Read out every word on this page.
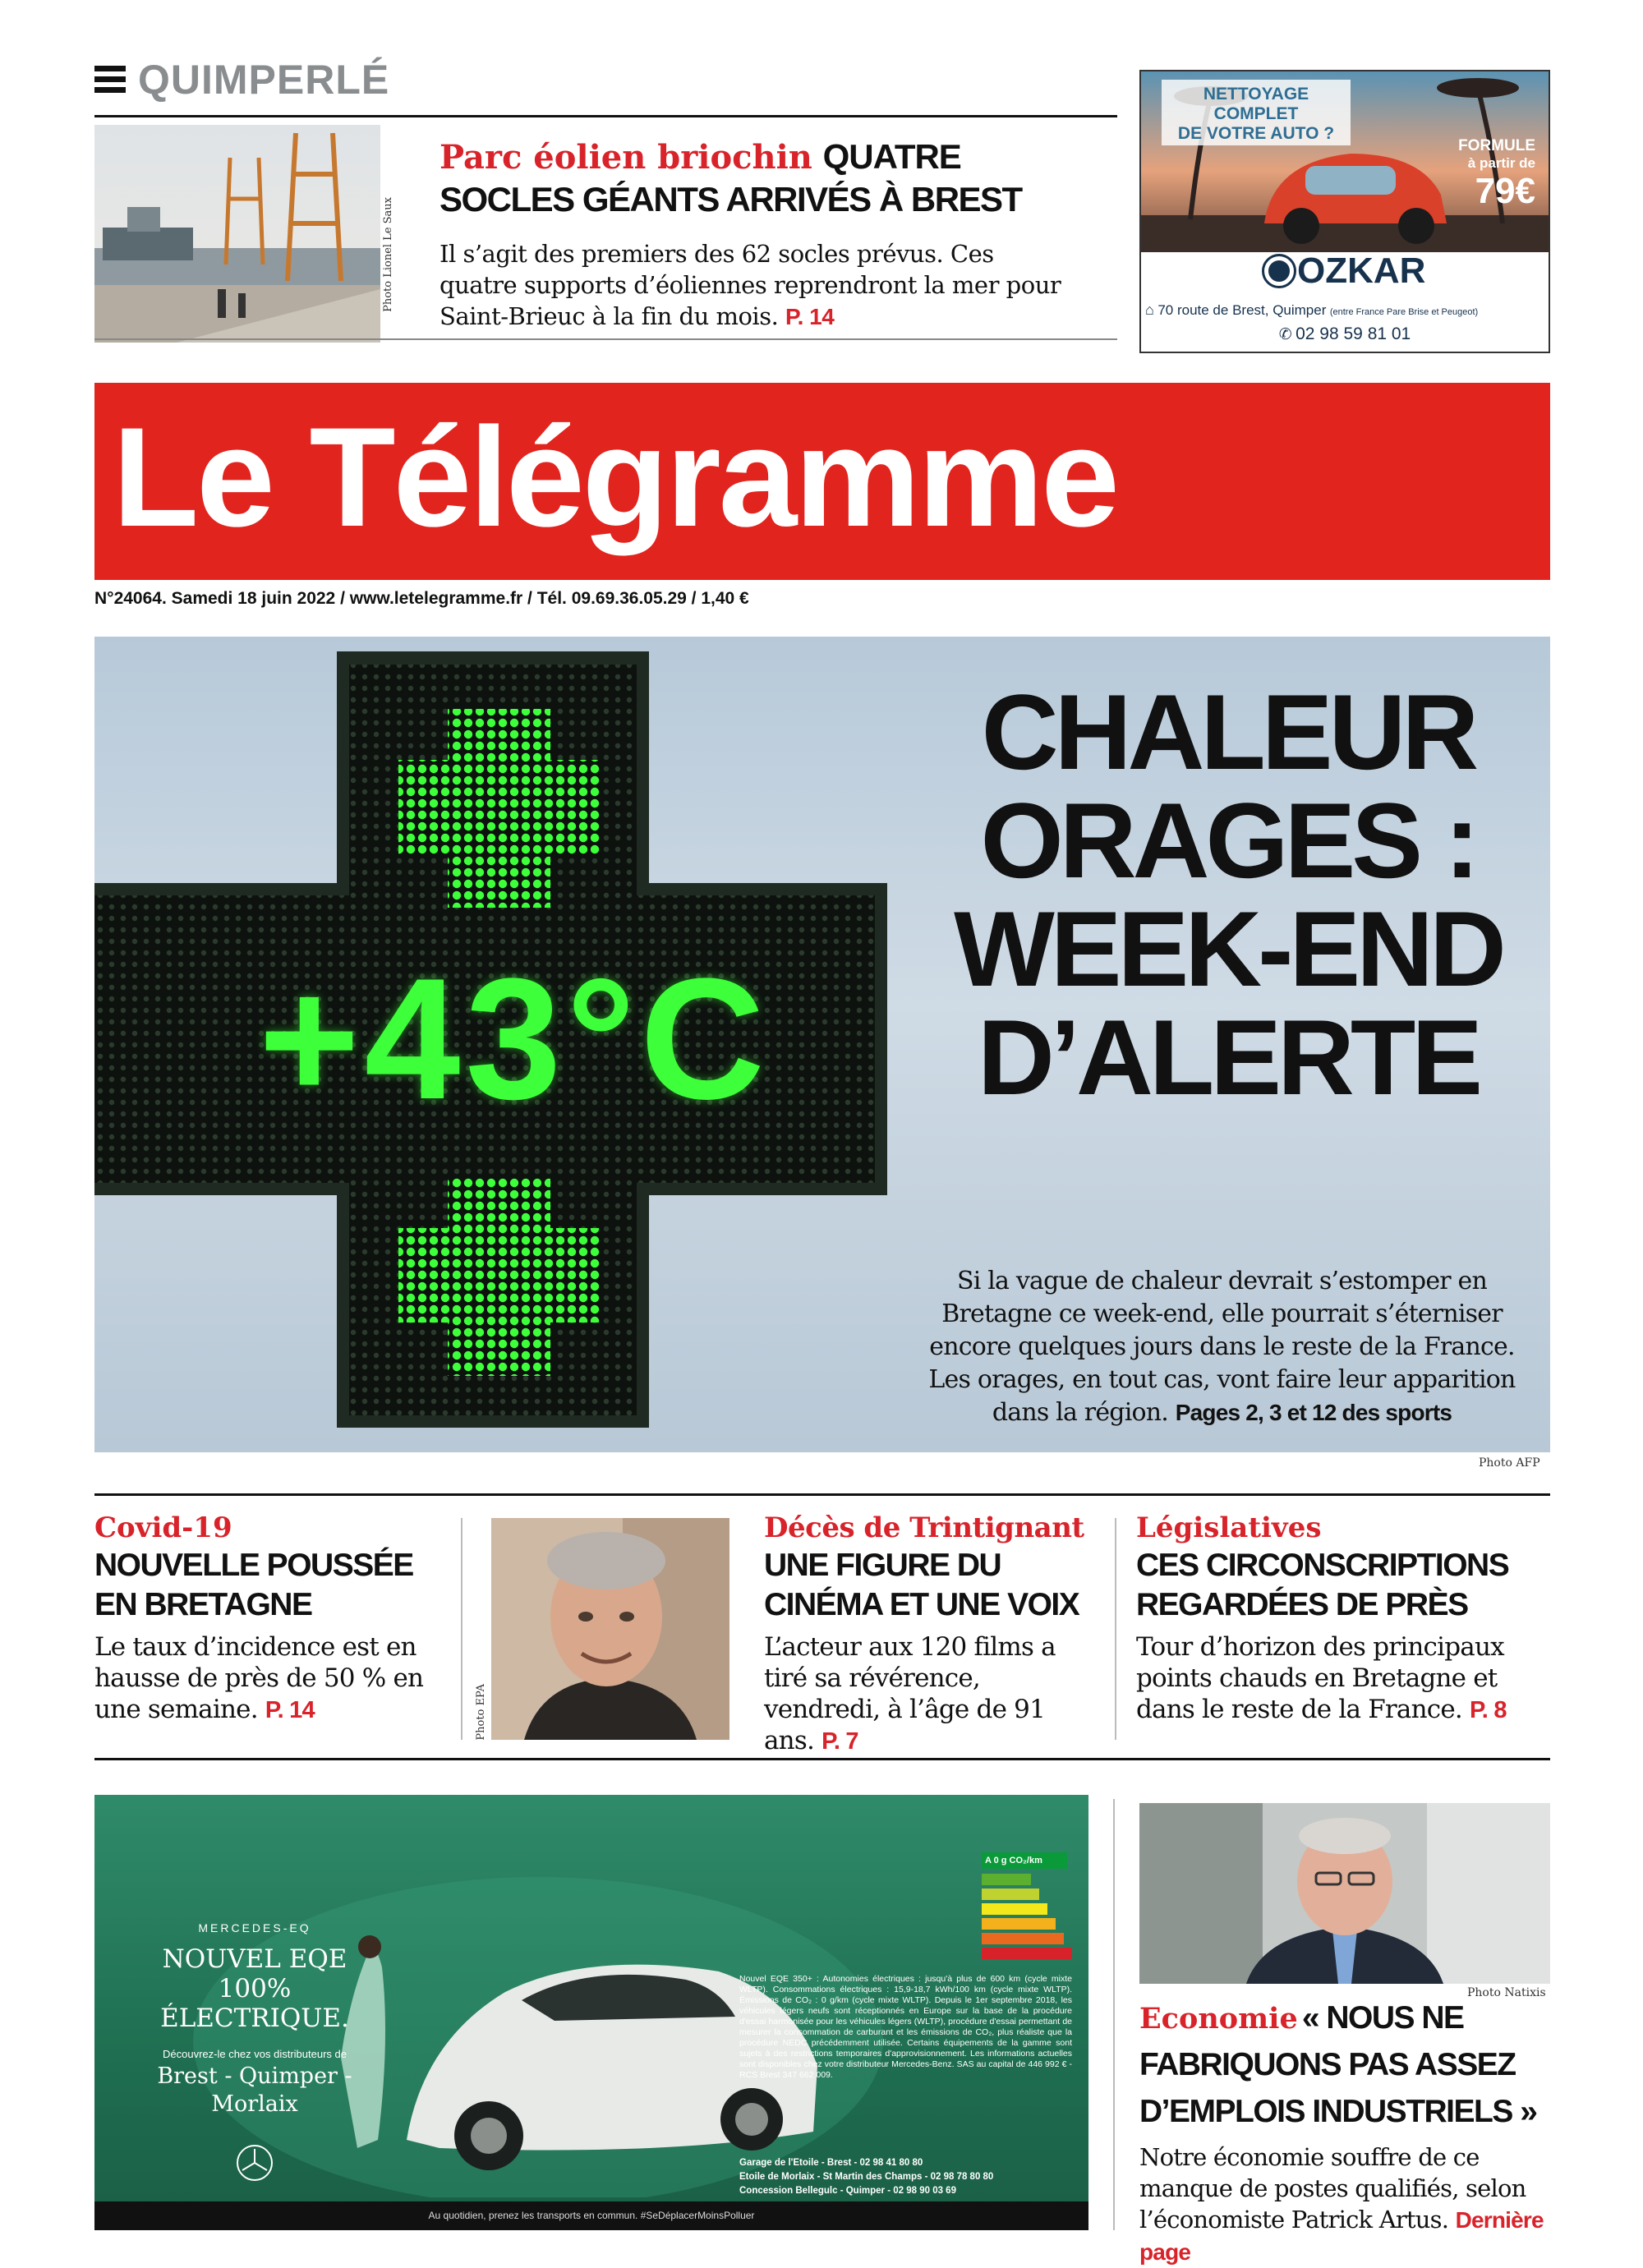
QUIMPERLÉ
Photo Lionel Le Saux
Parc éolien briochin QUATRE
SOCLES GÉANTS ARRIVÉS À BREST
Il s’agit des premiers des 62 socles prévus. Ces quatre supports d’éoliennes reprendront la mer pour Saint-Brieuc à la fin du mois. P. 14
NETTOYAGE
COMPLET
DE VOTRE AUTO ?
FORMULE
à partir de
79€
OZKAR
⌂ 70 route de Brest, Quimper (entre France Pare Brise et Peugeot)
✆ 02 98 59 81 01
Le Télégramme
N°24064. Samedi 18 juin 2022 / www.letelegramme.fr / Tél. 09.69.36.05.29 / 1,40 €
+43°C
CHALEUR
ORAGES :
WEEK-END
D’ALERTE
Si la vague de chaleur devrait s’estomper en
Bretagne ce week-end, elle pourrait s’éterniser
encore quelques jours dans le reste de la France.
Les orages, en tout cas, vont faire leur apparition
dans la région. Pages 2, 3 et 12 des sports
Photo AFP
Covid-19
NOUVELLE POUSSÉE EN BRETAGNE
Le taux d’incidence est en hausse de près de 50 % en une semaine. P. 14	Photo EPA
Décès de Trintignant
UNE FIGURE DU CINÉMA ET UNE VOIX
L’acteur aux 120 films a tiré sa révérence, vendredi, à l’âge de 91 ans. P. 7
Législatives
CES CIRCONSCRIPTIONS REGARDÉES DE PRÈS
Tour d’horizon des principaux points chauds en Bretagne et dans le reste de la France. P. 8
MERCEDES-EQ
NOUVEL EQE
100% ÉLECTRIQUE.
Découvrez-le chez vos distributeurs de
Brest - Quimper - Morlaix
A 0 g CO₂/km
Nouvel EQE 350+ : Autonomies électriques : jusqu'à plus de 600 km (cycle mixte WLTP). Consommations électriques : 15,9-18,7 kWh/100 km (cycle mixte WLTP). Émissions de CO₂ : 0 g/km (cycle mixte WLTP). Depuis le 1er septembre 2018, les véhicules légers neufs sont réceptionnés en Europe sur la base de la procédure d'essai harmonisée pour les véhicules légers (WLTP), procédure d'essai permettant de mesurer la consommation de carburant et les émissions de CO₂, plus réaliste que la procédure NEDC précédemment utilisée. Certains équipements de la gamme sont sujets à des restrictions temporaires d'approvisionnement. Les informations actuelles sont disponibles chez votre distributeur Mercedes-Benz. SAS au capital de 446 992 € - RCS Brest 347 662 009.
Garage de l'Etoile - Brest - 02 98 41 80 80
Etoile de Morlaix - St Martin des Champs - 02 98 78 80 80
Concession Bellegulc - Quimper - 02 98 90 03 69
Au quotidien, prenez les transports en commun. #SeDéplacerMoinsPolluer
Photo Natixis
Economie « NOUS NE FABRIQUONS PAS ASSEZ D’EMPLOIS INDUSTRIELS »
Notre économie souffre de ce manque de postes qualifiés, selon l’économiste Patrick Artus. Dernière page
